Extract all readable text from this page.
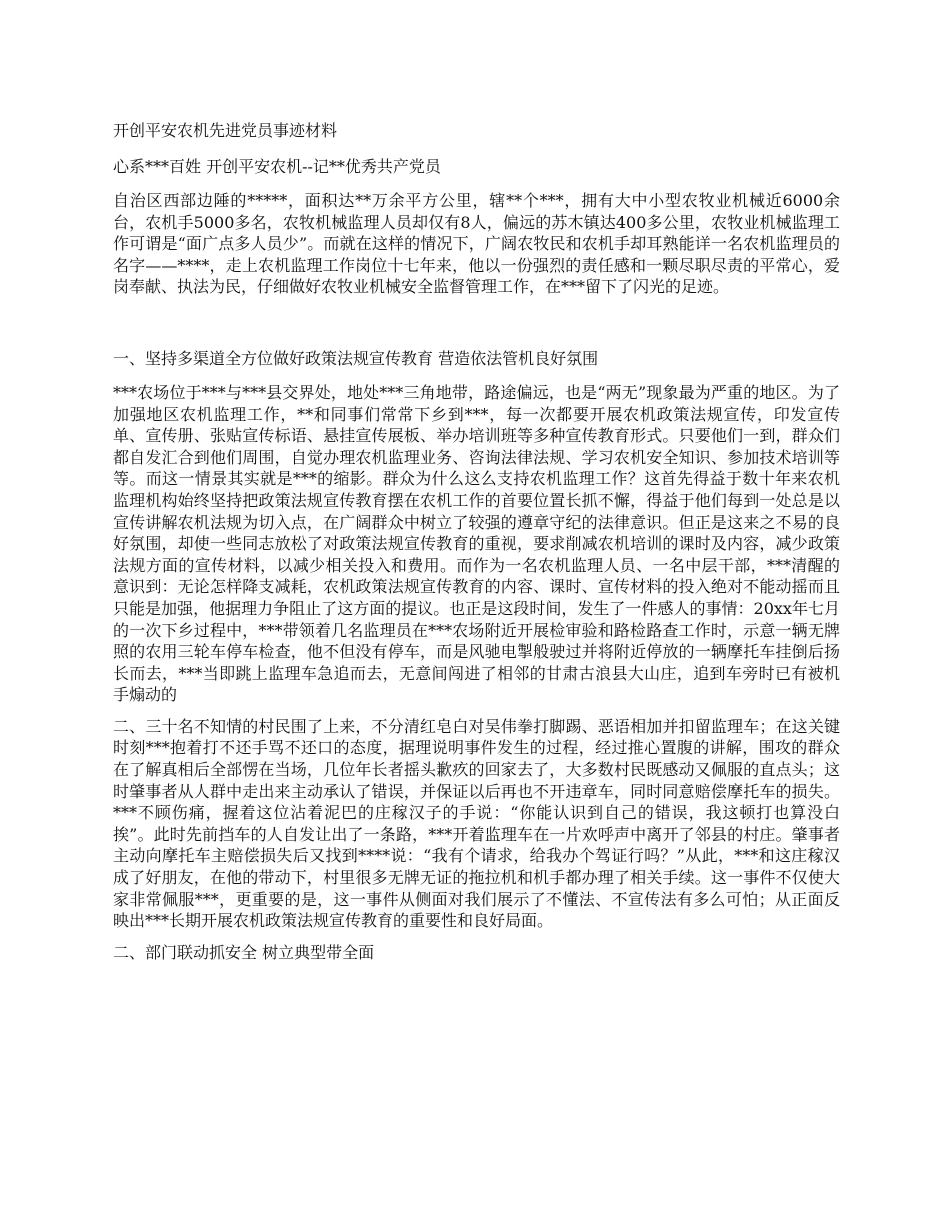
开创平安农机先进党员事迹材料

心系***百姓 开创平安农机--记**优秀共产党员

自治区西部边陲的*****，面积达**万余平方公里，辖**个***，拥有大中小型农牧业机械近6000余台，农机手5000多名，农牧机械监理人员却仅有8人，偏远的苏木镇达400多公里，农牧业机械监理工作可谓是“面广点多人员少”。而就在这样的情况下，广阔农牧民和农机手却耳熟能详一名农机监理员的名字——****，走上农机监理工作岗位十七年来，他以一份强烈的责任感和一颗尽职尽责的平常心，爱岗奉献、执法为民，仔细做好农牧业机械安全监督管理工作，在***留下了闪光的足迹。

一、坚持多渠道全方位做好政策法规宣传教育 营造依法管机良好氛围

***农场位于***与***县交界处，地处***三角地带，路途偏远，也是“两无”现象最为严重的地区。为了加强地区农机监理工作，**和同事们常常下乡到***，每一次都要开展农机政策法规宣传，印发宣传单、宣传册、张贴宣传标语、悬挂宣传展板、举办培训班等多种宣传教育形式。只要他们一到，群众们都自发汇合到他们周围，自觉办理农机监理业务、咨询法律法规、学习农机安全知识、参加技术培训等等。而这一情景其实就是***的缩影。群众为什么这么支持农机监理工作？这首先得益于数十年来农机监理机构始终坚持把政策法规宣传教育摆在农机工作的首要位置长抓不懈，得益于他们每到一处总是以宣传讲解农机法规为切入点，在广阔群众中树立了较强的遵章守纪的法律意识。但正是这来之不易的良好氛围，却使一些同志放松了对政策法规宣传教育的重视，要求削减农机培训的课时及内容，减少政策法规方面的宣传材料，以减少相关投入和费用。而作为一名农机监理人员、一名中层干部，***清醒的意识到：无论怎样降支减耗，农机政策法规宣传教育的内容、课时、宣传材料的投入绝对不能动摇而且只能是加强，他据理力争阻止了这方面的提议。也正是这段时间，发生了一件感人的事情：20xx年七月的一次下乡过程中，***带领着几名监理员在***农场附近开展检审验和路检路查工作时，示意一辆无牌照的农用三轮车停车检查，他不但没有停车，而是风驰电掣般驶过并将附近停放的一辆摩托车挂倒后扬长而去，***当即跳上监理车急追而去，无意间闯进了相邻的甘肃古浪县大山庄，追到车旁时已有被机手煽动的

二、三十名不知情的村民围了上来，不分清红皂白对吴伟拳打脚踢、恶语相加并扣留监理车；在这关键时刻***抱着打不还手骂不还口的态度，据理说明事件发生的过程，经过推心置腹的讲解，围攻的群众在了解真相后全部愣在当场，几位年长者摇头歉疚的回家去了，大多数村民既感动又佩服的直点头；这时肇事者从人群中走出来主动承认了错误，并保证以后再也不开违章车，同时同意赔偿摩托车的损失。***不顾伤痛，握着这位沾着泥巴的庄稼汉子的手说：“你能认识到自己的错误，我这顿打也算没白挨”。此时先前挡车的人自发让出了一条路，***开着监理车在一片欢呼声中离开了邻县的村庄。肇事者主动向摩托车主赔偿损失后又找到****说：“我有个请求，给我办个驾证行吗？”从此，***和这庄稼汉成了好朋友，在他的带动下，村里很多无牌无证的拖拉机和机手都办理了相关手续。这一事件不仅使大家非常佩服***，更重要的是，这一事件从侧面对我们展示了不懂法、不宣传法有多么可怕；从正面反映出***长期开展农机政策法规宣传教育的重要性和良好局面。

二、部门联动抓安全 树立典型带全面
